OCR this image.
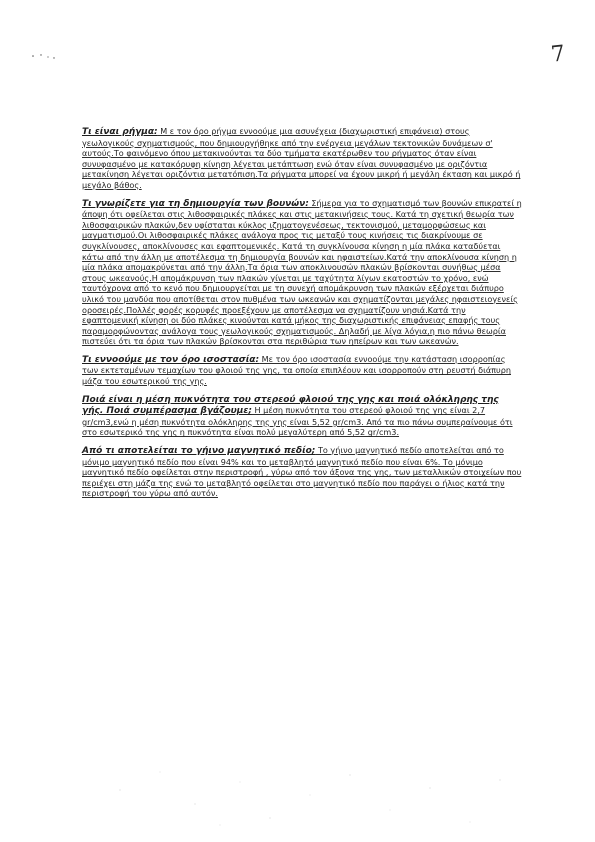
7

Τι είναι ρήγμα: Μ ε τον όρο ρήγμα εννοούμε μια ασυνέχεια (διαχωριστική επιφάνεια) στους γεωλογικούς σχηματισμούς, που δημιουργήθηκε από την ενέργεια μεγάλων τεκτονικών δυνάμεων σ' αυτούς.Το φαινόμενο όπου μετακινούνται τα δύο τμήματα εκατέρωθεν του ρήγματος όταν είναι συνυφασμένο με κατακόρυφη κίνηση λέγεται μετάπτωση ενώ όταν είναι συνυφασμένο με οριζόντια μετακίνηση λέγεται οριζόντια μετατόπιση.Τα ρήγματα μπορεί να έχουν μικρή ή μεγάλη έκταση και μικρό ή μεγάλο βάθος.

Τι γνωρίζετε για τη δημιουργία των βουνών: Σήμερα για το σχηματισμό των βουνών επικρατεί η άποψη ότι οφείλεται στις λιθοσφαιρικές πλάκες και στις μετακινήσεις τους. Κατά τη σχετική θεωρία των λιθοσφαιρικών πλακών,δεν υφίσταται κύκλος ιζηματογενέσεως, τεκτονισμού, μεταμορφώσεως και μαγματισμού.Οι λιθοσφαιρικές πλάκες ανάλογα προς τις μεταξύ τους κινήσεις τις διακρίνουμε σε συγκλίνουσες, αποκλίνουσες και εφαπτομενικές. Κατά τη συγκλίνουσα κίνηση η μία πλάκα καταδύεται κάτω από την άλλη με αποτέλεσμα τη δημιουργία βουνών και ηφαιστείων.Κατά την αποκλίνουσα κίνηση η μία πλάκα απομακρύνεται από την άλλη.Τα όρια των αποκλινουσών πλακών βρίσκονται συνήθως μέσα στους ωκεανούς.Η απομάκρυνση των πλακών γίνεται με ταχύτητα λίγων εκατοστών το χρόνο, ενώ ταυτόχρονα από το κενό που δημιουργείται με τη συνεχή απομάκρυνση των πλακών εξέρχεται διάπυρο υλικό του μανδύα που αποτίθεται στον πυθμένα των ωκεανών και σχηματίζονται μεγάλες ηφαιστειογενείς οροσειρές.Πολλές φορές κορυφές προεξέχουν με αποτέλεσμα να σχηματίζουν νησιά.Κατά την εφαπτομενική κίνηση οι δύο πλάκες κινούνται κατά μήκος της διαχωριστικής επιφάνειας επαφής τους παραμορφώνοντας ανάλογα τους γεωλογικούς σχηματισμούς. Δηλαδή με λίγα λόγια,η πιο πάνω θεωρία πιστεύει ότι τα όρια των πλακών βρίσκονται στα περιθώρια των ηπείρων και των ωκεανών.

Τι εννοούμε με τον όρο ισοστασία: Με τον όρο ισοστασία εννοούμε την κατάσταση ισορροπίας των εκτεταμένων τεμαχίων του φλοιού της γης, τα οποία επιπλέουν και ισορροπούν στη ρευστή διάπυρη μάζα του εσωτερικού της γης.

Ποιά είναι η μέση πυκνότητα του στερεού φλοιού της γης και ποιά ολόκληρης της γής. Ποιά συμπέρασμα βγάζουμε; Η μέση πυκνότητα του στερεού φλοιού της γης είναι 2,7 gr/cm3,ενώ η μέση πυκνότητα ολόκληρης της γης είναι 5,52 gr/cm3. Από τα πιο πάνω συμπεραίνουμε ότι στο εσωτερικό της γης η πυκνότητα είναι πολύ μεγαλύτερη από 5,52 gr/cm3.

Από τι αποτελείται το γήινο μαγνητικό πεδίο; Το γήινο μαγνητικό πεδίο αποτελείται από το μόνιμο μαγνητικό πεδίο που είναι 94% και το μεταβλητό μαγνητικό πεδίο που είναι 6%. Το μόνιμο μαγνητικό πεδίο οφείλεται στην περιστροφή , γύρω από τον άξονα της γης, των μεταλλικών στοιχείων που περιέχει στη μάζα της ενώ το μεταβλητό οφείλεται στο μαγνητικό πεδίο που παράγει ο ήλιος κατά την περιστροφή του γύρω από αυτόν.
